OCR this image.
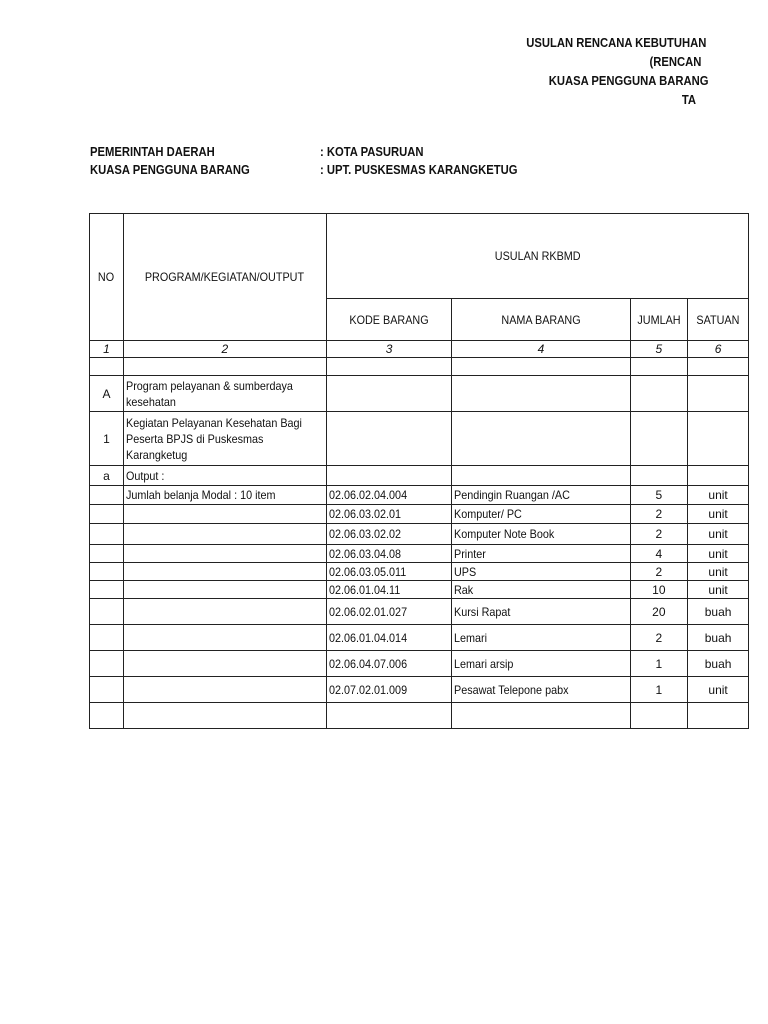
USULAN RENCANA KEBUTUHAN
(RENCAN
KUASA PENGGUNA BARANG
TA
PEMERINTAH DAERAH	: KOTA PASURUAN
KUASA PENGGUNA BARANG	: UPT. PUSKESMAS KARANGKETUG
NO	PROGRAM/KEGIATAN/OUTPUT	USULAN RKBMD			
		KODE BARANG	NAMA BARANG	JUMLAH	SATUAN
1	2	3	4	5	6

A	Program pelayanan & sumberdaya kesehatan				
1	Kegiatan Pelayanan Kesehatan Bagi Peserta BPJS di Puskesmas Karangketug				
a	Output :				
	Jumlah belanja Modal : 10 item	02.06.02.04.004	Pendingin Ruangan /AC	5	unit
		02.06.03.02.01	Komputer/ PC	2	unit
		02.06.03.02.02	Komputer Note Book	2	unit
		02.06.03.04.08	Printer	4	unit
		02.06.03.05.011	UPS	2	unit
		02.06.01.04.11	Rak	10	unit
		02.06.02.01.027	Kursi Rapat	20	buah
		02.06.01.04.014	Lemari	2	buah
		02.06.04.07.006	Lemari arsip	1	buah
		02.07.02.01.009	Pesawat Telepone pabx	1	unit
